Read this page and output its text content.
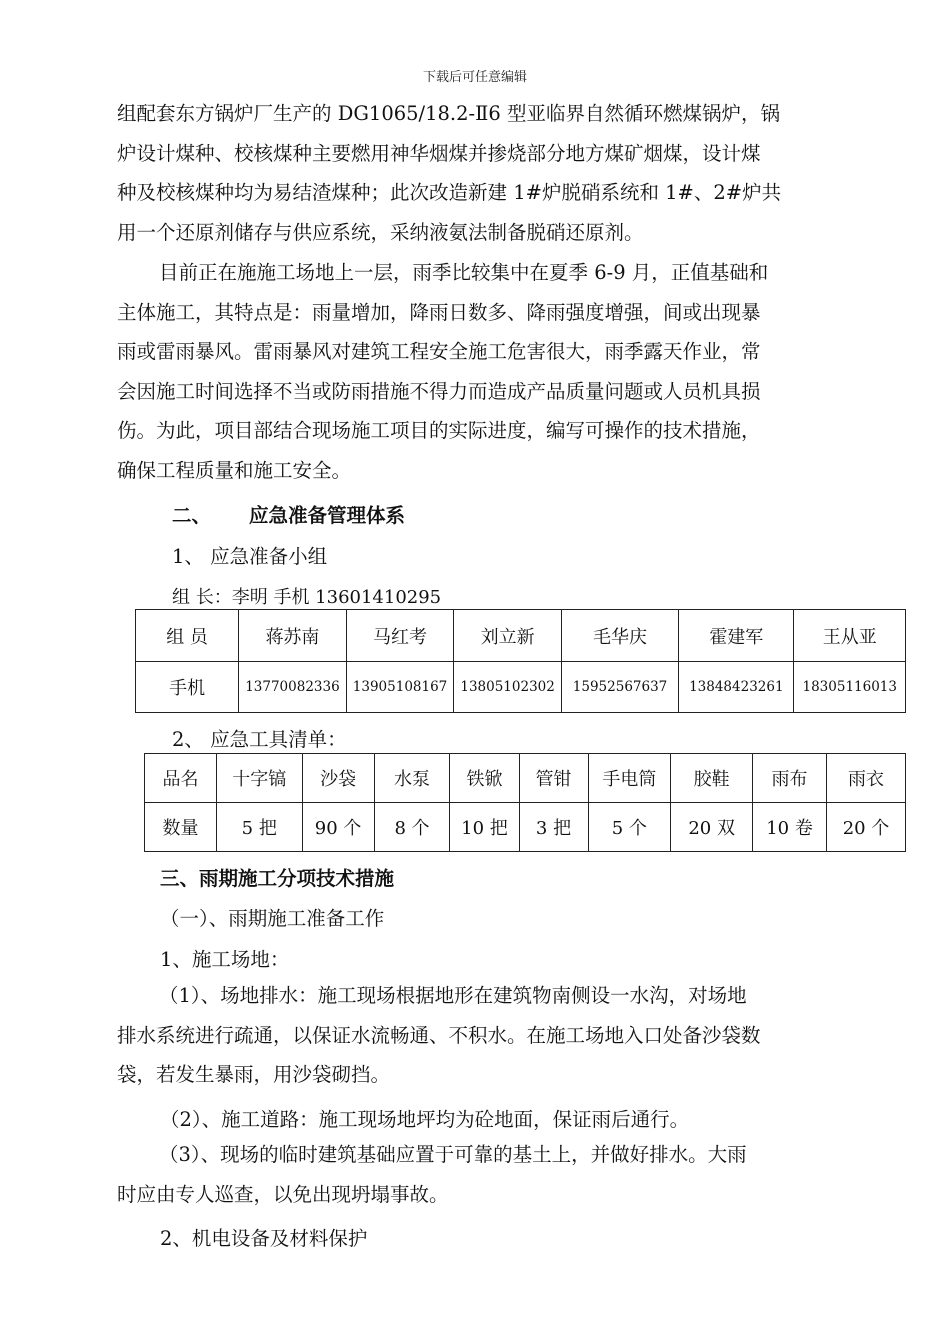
下载后可任意编辑
组配套东方锅炉厂生产的 DG1065/18.2-Ⅱ6 型亚临界自然循环燃煤锅炉，锅
炉设计煤种、校核煤种主要燃用神华烟煤并掺烧部分地方煤矿烟煤，设计煤
种及校核煤种均为易结渣煤种；此次改造新建 1#炉脱硝系统和 1#、2#炉共
用一个还原剂储存与供应系统，采纳液氨法制备脱硝还原剂。
目前正在施施工场地上一层，雨季比较集中在夏季 6-9 月，正值基础和
主体施工，其特点是：雨量增加，降雨日数多、降雨强度增强，间或出现暴
雨或雷雨暴风。雷雨暴风对建筑工程安全施工危害很大，雨季露天作业，常
会因施工时间选择不当或防雨措施不得力而造成产品质量问题或人员机具损
伤。为此，项目部结合现场施工项目的实际进度，编写可操作的技术措施，
确保工程质量和施工安全。
二、 应急准备管理体系
1、 应急准备小组
组 长：李明 手机 13601410295
组 员	蒋苏南	马红考	刘立新	毛华庆	霍建军	王从亚
手机	13770082336	13905108167	13805102302	15952567637	13848423261	18305116013
2、 应急工具清单：
品名	十字镐	沙袋	水泵	铁锨	管钳	手电筒	胶鞋	雨布	雨衣
数量	5 把	90 个	8 个	10 把	3 把	5 个	20 双	10 卷	20 个
三、雨期施工分项技术措施
（一）、雨期施工准备工作
1、施工场地：
（1）、场地排水：施工现场根据地形在建筑物南侧设一水沟，对场地
排水系统进行疏通，以保证水流畅通、不积水。在施工场地入口处备沙袋数
袋，若发生暴雨，用沙袋砌挡。
（2）、施工道路：施工现场地坪均为砼地面，保证雨后通行。
（3）、现场的临时建筑基础应置于可靠的基土上，并做好排水。大雨
时应由专人巡查，以免出现坍塌事故。
2、机电设备及材料保护
